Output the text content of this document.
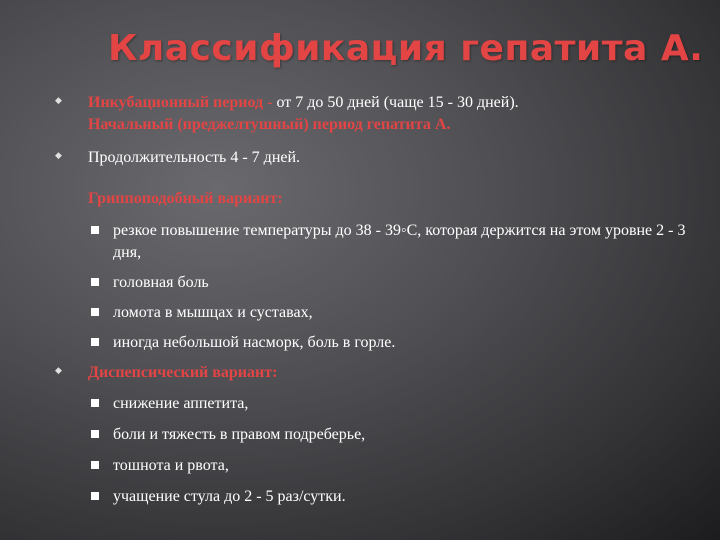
Классификация гепатита А.
◆
Инкубационный период - от 7 до 50 дней (чаще 15 - 30 дней).
Начальный (преджелтушный) период гепатита А.
◆
Продолжительность 4 - 7 дней.
Гриппоподобный вариант:
резкое повышение температуры до 38 - 39◦С, которая держится на этом уровне 2 - 3 дня,
головная боль
ломота в мышцах и суставах,
иногда небольшой насморк, боль в горле.
◆
Диспепсический вариант:
снижение аппетита,
боли и тяжесть в правом подреберье,
тошнота и рвота,
учащение стула до 2 - 5 раз/сутки.
